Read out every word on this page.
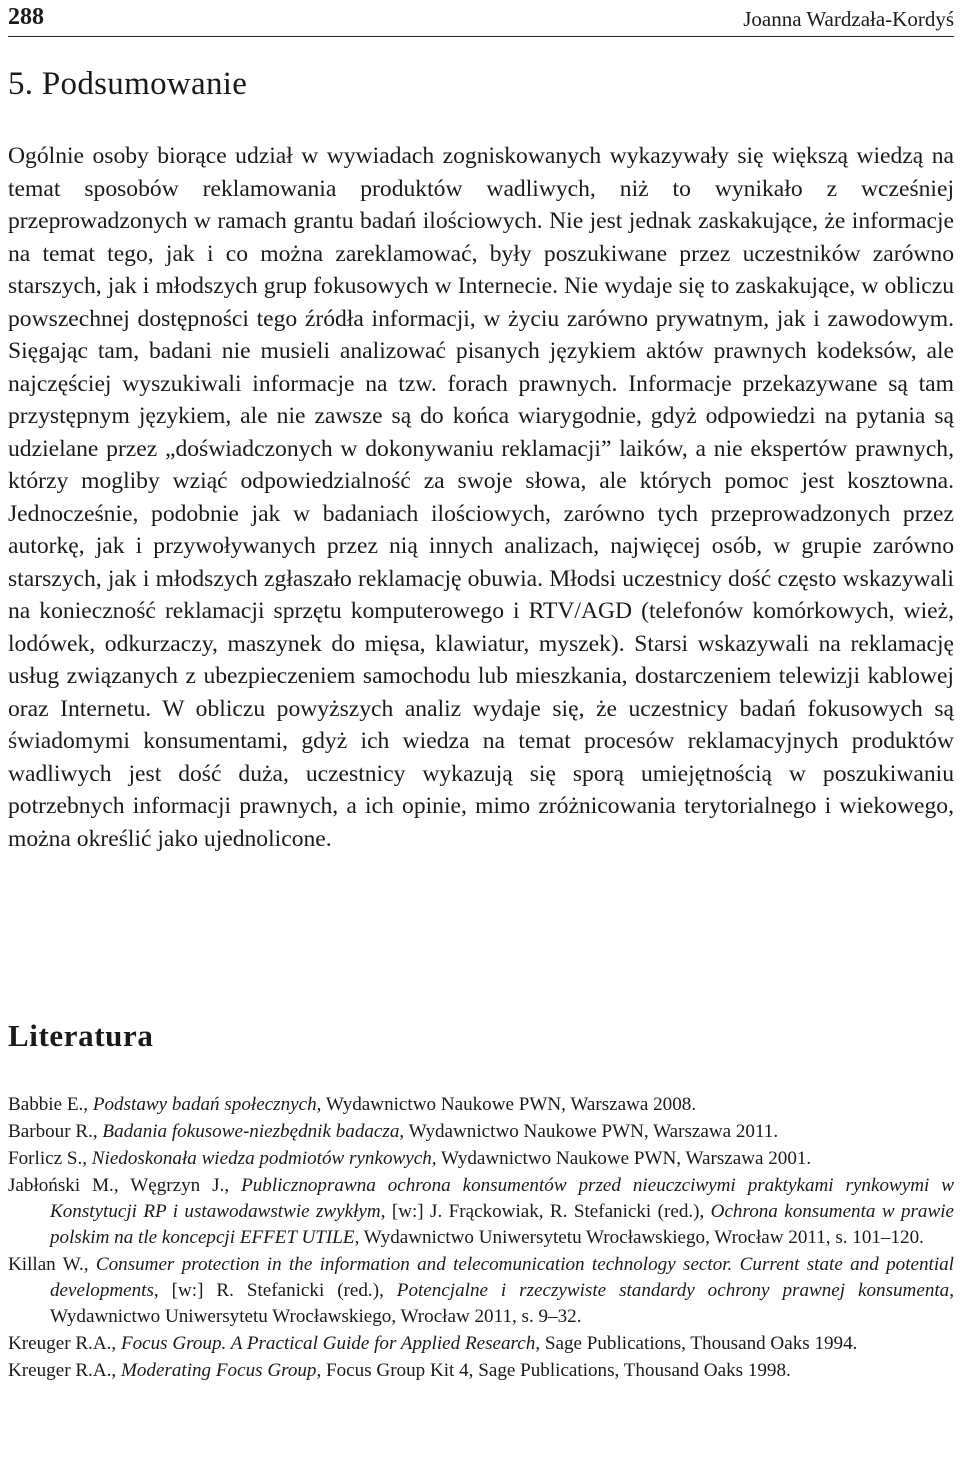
288	Joanna Wardzała-Kordyś
5. Podsumowanie

Ogólnie osoby biorące udział w wywiadach zogniskowanych wykazywały się większą wiedzą na temat sposobów reklamowania produktów wadliwych, niż to wynikało z wcześniej przeprowadzonych w ramach grantu badań ilościowych. Nie jest jednak zaskakujące, że informacje na temat tego, jak i co można zareklamować, były poszukiwane przez uczestników zarówno starszych, jak i młodszych grup fokusowych w Internecie. Nie wydaje się to zaskakujące, w obliczu powszechnej dostępności tego źródła informacji, w życiu zarówno prywatnym, jak i zawodowym. Sięgając tam, badani nie musieli analizować pisanych językiem aktów prawnych kodeksów, ale najczęściej wyszukiwali informacje na tzw. forach prawnych. Informacje przekazywane są tam przystępnym językiem, ale nie zawsze są do końca wiarygodnie, gdyż odpowiedzi na pytania są udzielane przez „doświadczonych w dokonywaniu reklamacji” laików, a nie ekspertów prawnych, którzy mogliby wziąć odpowiedzialność za swoje słowa, ale których pomoc jest kosztowna. Jednocześnie, podobnie jak w badaniach ilościowych, zarówno tych przeprowadzonych przez autorkę, jak i przywoływanych przez nią innych analizach, najwięcej osób, w grupie zarówno starszych, jak i młodszych zgłaszało reklamację obuwia. Młodsi uczestnicy dość często wskazywali na konieczność reklamacji sprzętu komputerowego i RTV/AGD (telefonów komórkowych, wież, lodówek, odkurzaczy, maszynek do mięsa, klawiatur, myszek). Starsi wskazywali na reklamację usług związanych z ubezpieczeniem samochodu lub mieszkania, dostarczeniem telewizji kablowej oraz Internetu. W obliczu powyższych analiz wydaje się, że uczestnicy badań fokusowych są świadomymi konsumentami, gdyż ich wiedza na temat procesów reklamacyjnych produktów wadliwych jest dość duża, uczestnicy wykazują się sporą umiejętnością w poszukiwaniu potrzebnych informacji prawnych, a ich opinie, mimo zróżnicowania terytorialnego i wiekowego, można określić jako ujednolicone.

Literatura
Babbie E., Podstawy badań społecznych, Wydawnictwo Naukowe PWN, Warszawa 2008.
Barbour R., Badania fokusowe-niezbędnik badacza, Wydawnictwo Naukowe PWN, Warszawa 2011.
Forlicz S., Niedoskonała wiedza podmiotów rynkowych, Wydawnictwo Naukowe PWN, Warszawa 2001.
Jabłoński M., Węgrzyn J., Publicznoprawna ochrona konsumentów przed nieuczciwymi praktykami rynkowymi w Konstytucji RP i ustawodawstwie zwykłym, [w:] J. Frąckowiak, R. Stefanicki (red.), Ochrona konsumenta w prawie polskim na tle koncepcji EFFET UTILE, Wydawnictwo Uniwersytetu Wrocławskiego, Wrocław 2011, s. 101–120.
Killan W., Consumer protection in the information and telecomunication technology sector. Current state and potential developments, [w:] R. Stefanicki (red.), Potencjalne i rzeczywiste standardy ochrony prawnej konsumenta, Wydawnictwo Uniwersytetu Wrocławskiego, Wrocław 2011, s. 9–32.
Kreuger R.A., Focus Group. A Practical Guide for Applied Research, Sage Publications, Thousand Oaks 1994.
Kreuger R.A., Moderating Focus Group, Focus Group Kit 4, Sage Publications, Thousand Oaks 1998.
